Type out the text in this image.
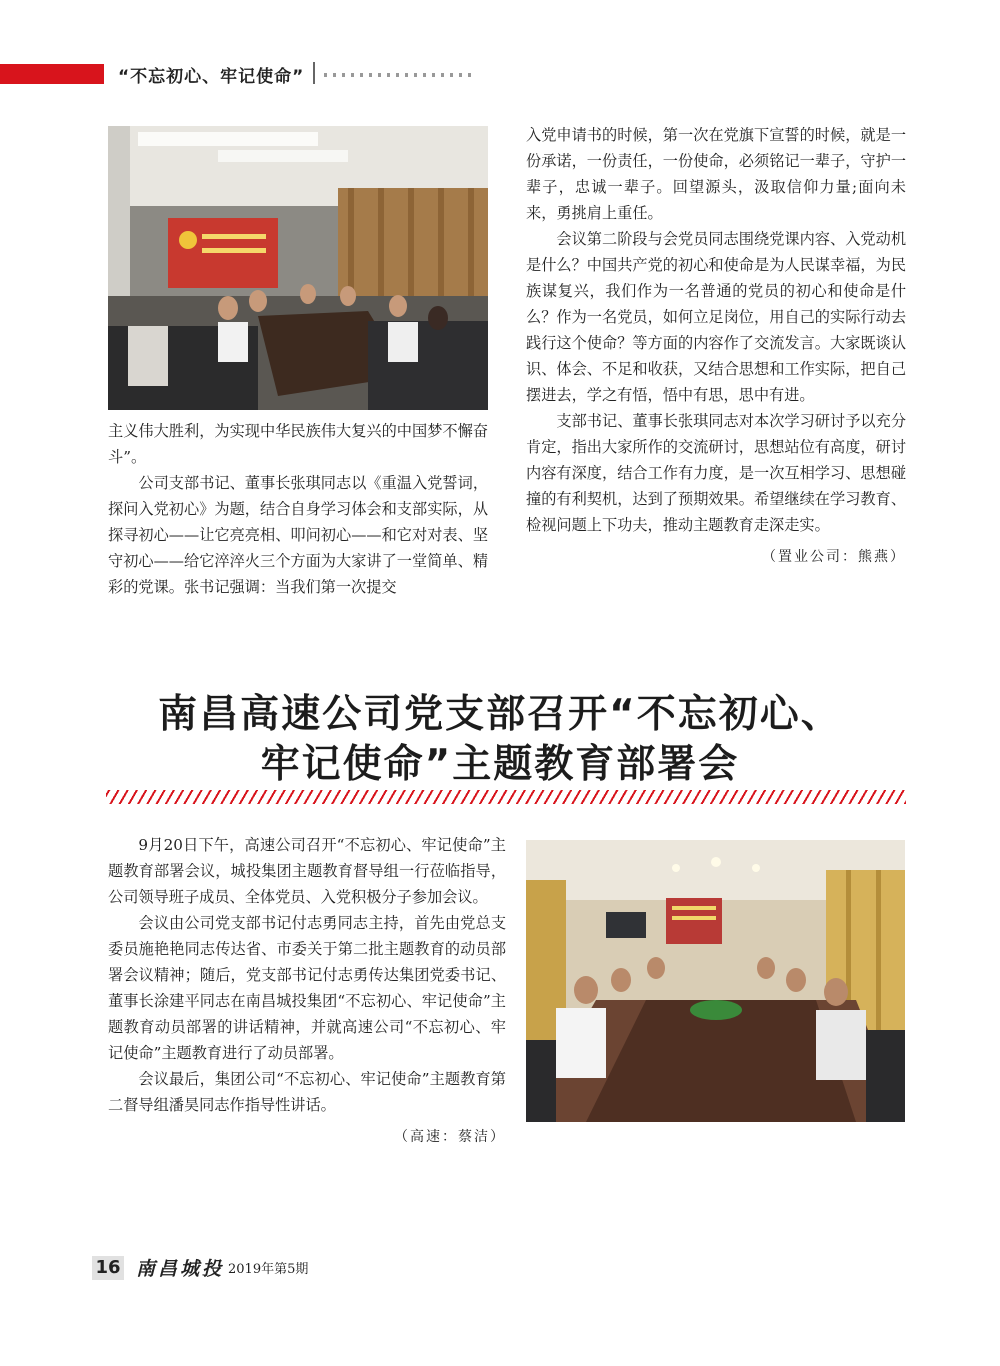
“不忘初心、牢记使命”

主义伟大胜利，为实现中华民族伟大复兴的中国梦不懈奋斗”。

公司支部书记、董事长张琪同志以《重温入党誓词，探问入党初心》为题，结合自身学习体会和支部实际，从探寻初心——让它亮亮相、叩问初心——和它对对表、坚守初心——给它淬淬火三个方面为大家讲了一堂简单、精彩的党课。张书记强调：当我们第一次提交

入党申请书的时候，第一次在党旗下宣誓的时候，就是一份承诺，一份责任，一份使命，必须铭记一辈子，守护一辈子，忠诚一辈子。回望源头，汲取信仰力量;面向未来，勇挑肩上重任。

会议第二阶段与会党员同志围绕党课内容、入党动机是什么？中国共产党的初心和使命是为人民谋幸福，为民族谋复兴，我们作为一名普通的党员的初心和使命是什么？作为一名党员，如何立足岗位，用自己的实际行动去践行这个使命？等方面的内容作了交流发言。大家既谈认识、体会、不足和收获，又结合思想和工作实际，把自己摆进去，学之有悟，悟中有思，思中有进。

支部书记、董事长张琪同志对本次学习研讨予以充分肯定，指出大家所作的交流研讨，思想站位有高度，研讨内容有深度，结合工作有力度，是一次互相学习、思想碰撞的有利契机，达到了预期效果。希望继续在学习教育、检视问题上下功夫，推动主题教育走深走实。

（置业公司：熊燕）

南昌高速公司党支部召开“不忘初心、
牢记使命”主题教育部署会

9月20日下午，高速公司召开“不忘初心、牢记使命”主题教育部署会议，城投集团主题教育督导组一行莅临指导，公司领导班子成员、全体党员、入党积极分子参加会议。

会议由公司党支部书记付志勇同志主持，首先由党总支委员施艳艳同志传达省、市委关于第二批主题教育的动员部署会议精神；随后，党支部书记付志勇传达集团党委书记、董事长涂建平同志在南昌城投集团“不忘初心、牢记使命”主题教育动员部署的讲话精神，并就高速公司“不忘初心、牢记使命”主题教育进行了动员部署。

会议最后，集团公司“不忘初心、牢记使命”主题教育第二督导组潘昊同志作指导性讲话。

（高速：蔡洁）

16 南昌城投 2019年第5期
